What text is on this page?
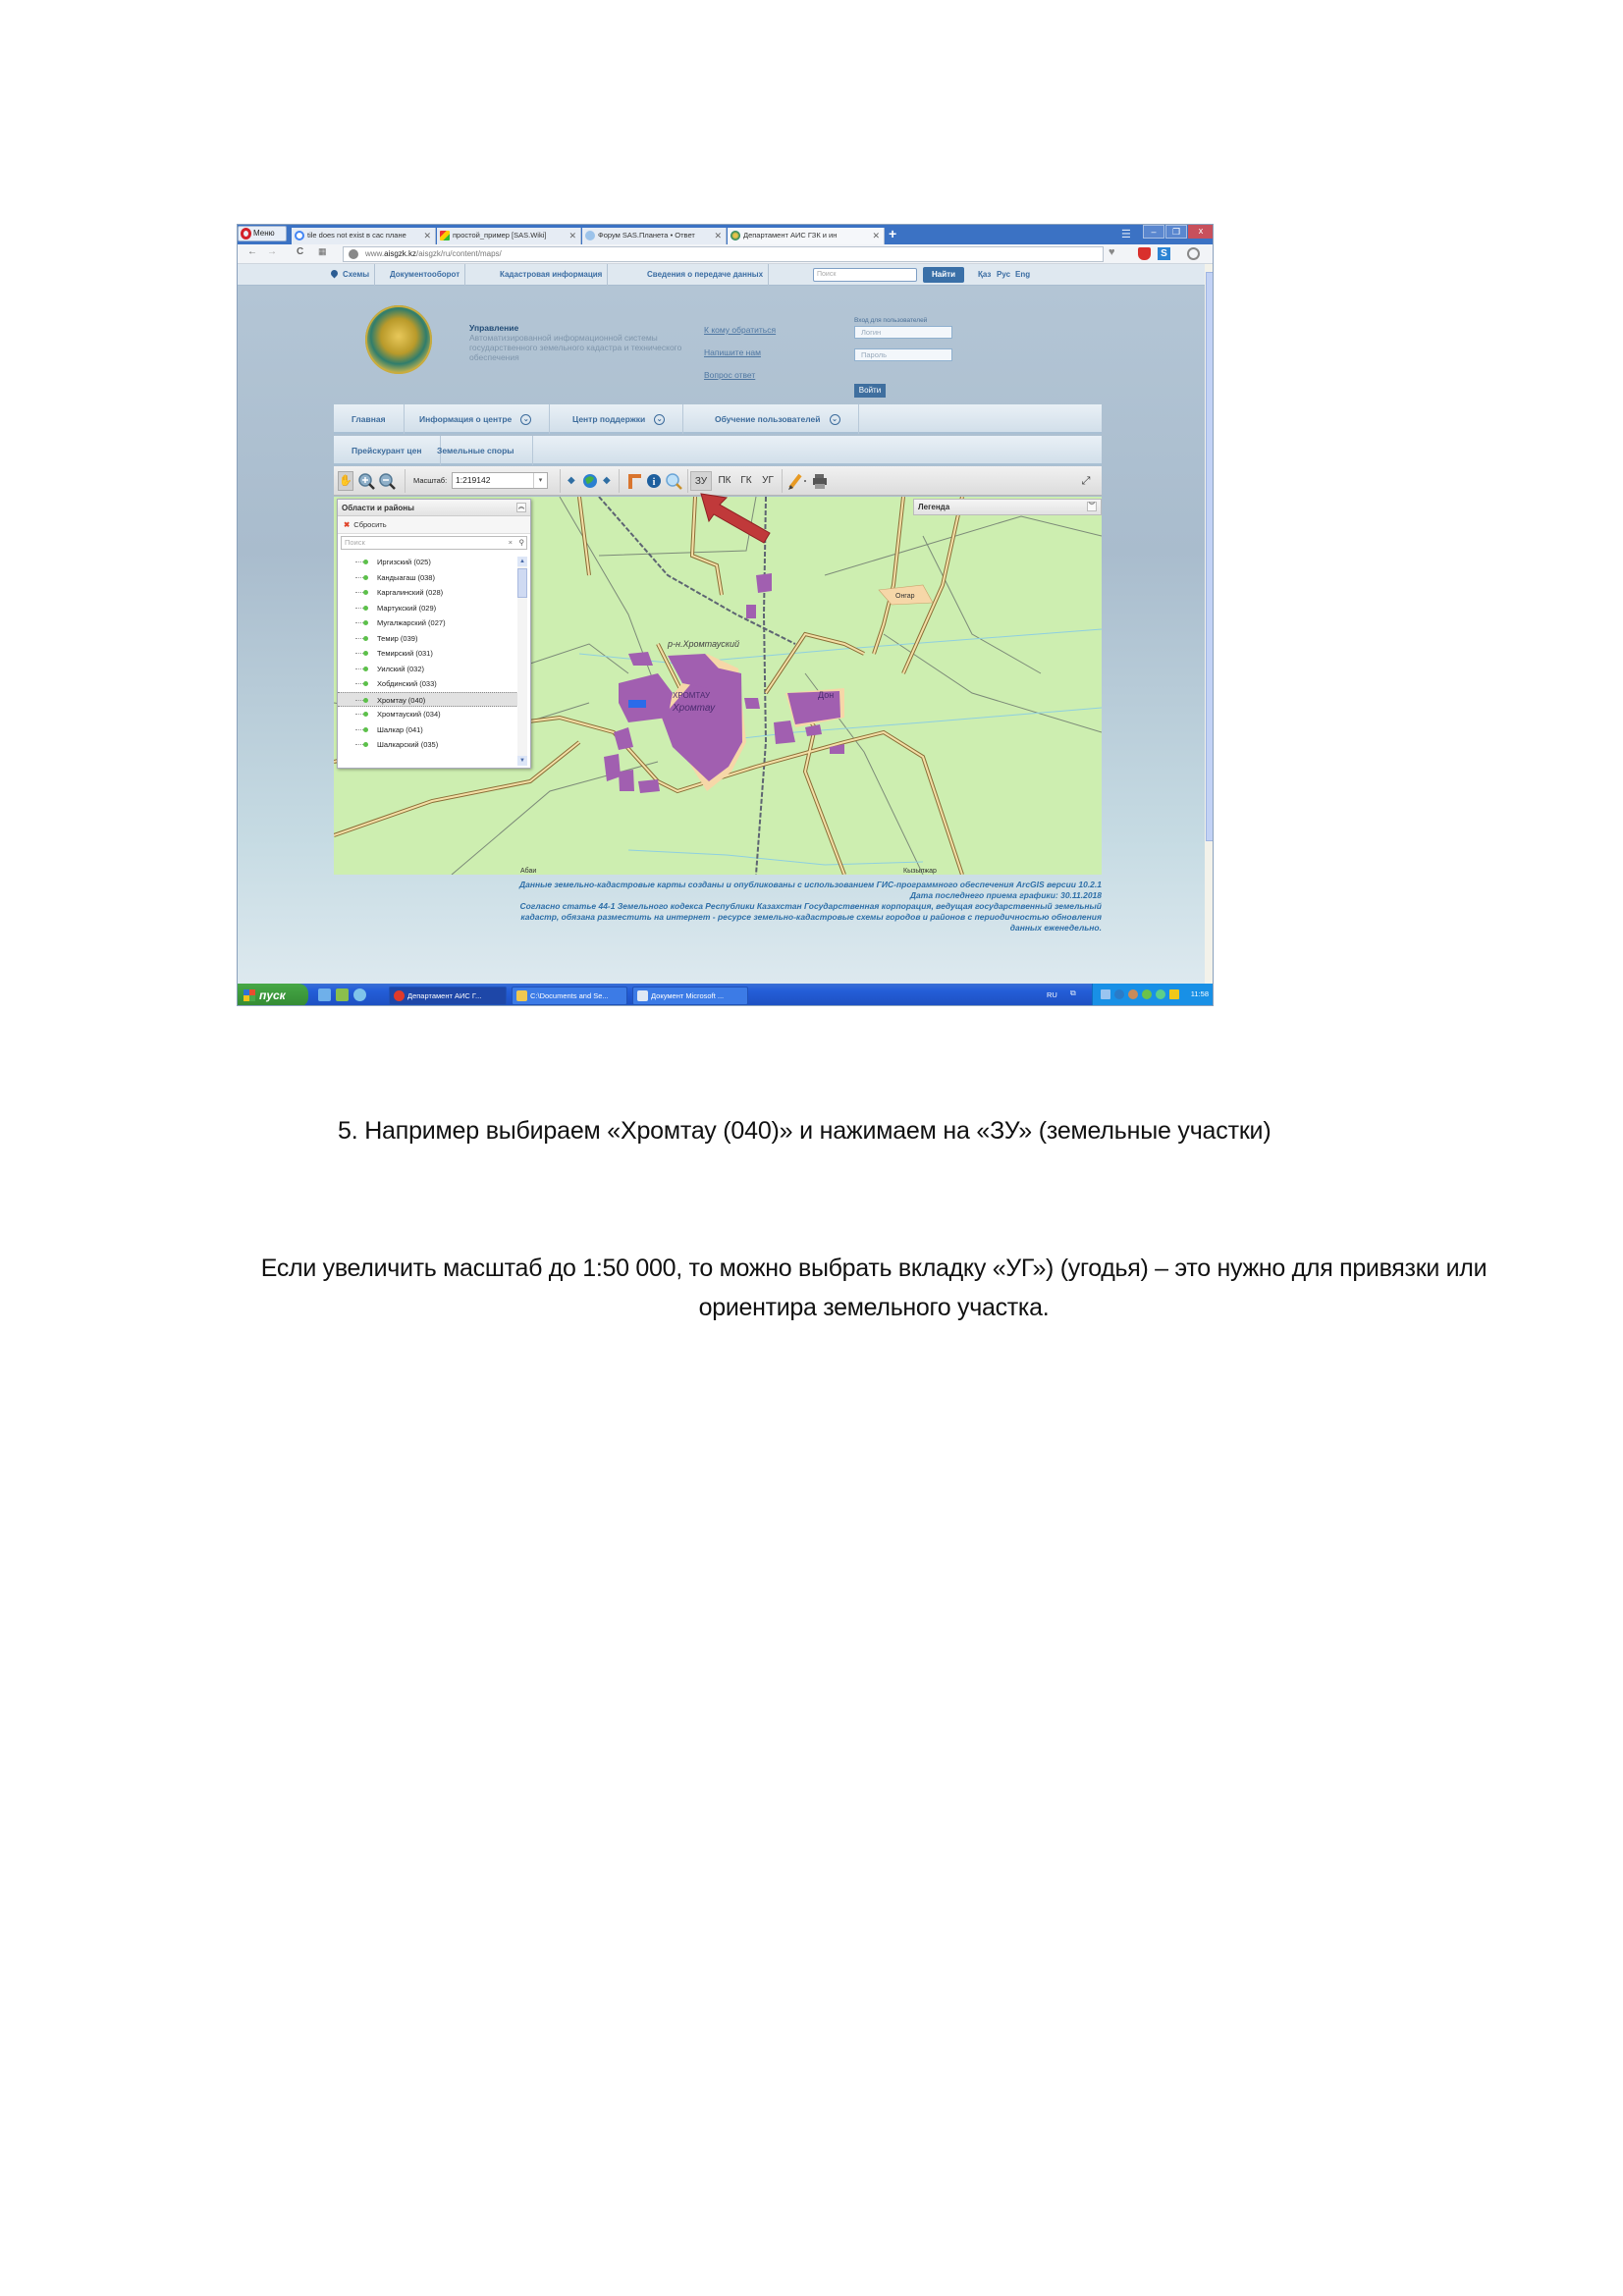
Меню	tile does not exist в cac плане ✕	простой_пример [SAS.Wiki]	✕	Форум SAS.Планета • Ответ ✕	Департамент АИС ГЗК и ин	✕ +	☰	–	❐	x
← → C ▦	www.aisgzk.kz/aisgzk/ru/content/maps/	♥	S
Схемы	Документооборот	Кадастровая информация	Сведения о передаче данных	Поиск	Найти	Қаз Рус Eng
Управление
Автоматизированной информационной системы государственного земельного кадастра и технического обеспечения
К кому обратиться
Напишите нам
Вопрос ответ
Вход для пользователей
Логин
Пароль
Войти
Главная	Информация о центре ⌄	Центр поддержки ⌄	Обучение пользователей ⌄
Прейскурант цен	Земельные споры
✋	Масштаб:	1:219142	▾	◆	◆	i	ЗУ	ПК ГК	УГ	⤢
р-н.Хромтауский
ХРОМТАУ
Хромтау
Онгар
Дон
Абаи	Кызылжар
Области и районы	︽
✖ Сбросить
Поиск	× ⚲
Иргизский (025)
Кандыагаш (038)
Каргалинский (028)
Мартукский (029)
Мугалжарский (027)
Темир (039)
Темирский (031)
Уилский (032)
Хобдинский (033)
Хромтау (040)
Хромтауский (034)
Шалкар (041)
Шалкарский (035)
▲
▼
Легенда	︾
Данные земельно-кадастровые карты созданы и опубликованы с использованием ГИС-программного обеспечения ArcGIS версии 10.2.1
Дата последнего приема графики: 30.11.2018
Согласно статье 44-1 Земельного кодекса Республики Казахстан Государственная корпорация, ведущая государственный земельный
кадастр, обязана разместить на интернет - ресурсе земельно-кадастровые схемы городов и районов с периодичностью обновления
данных еженедельно.
пуск	Департамент АИС Г...	C:\Documents and Se...	Документ Microsoft ...	RU ⧉	11:58
5. Например выбираем «Хромтау (040)» и нажимаем на «ЗУ» (земельные участки)
Если увеличить масштаб до 1:50 000, то можно выбрать вкладку «УГ») (угодья) – это нужно для привязки или ориентира земельного участка.
